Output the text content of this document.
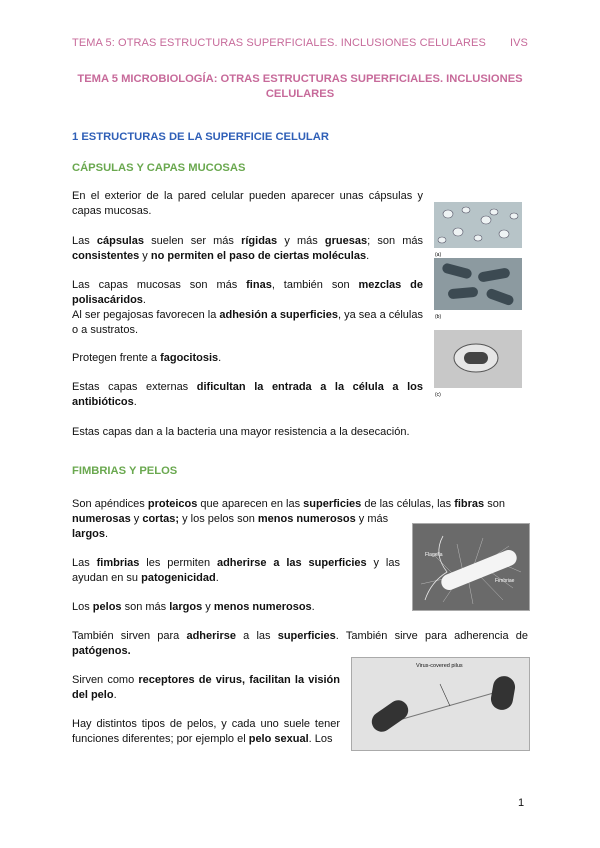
TEMA 5: OTRAS ESTRUCTURAS SUPERFICIALES. INCLUSIONES CELULARES IVS
TEMA 5 MICROBIOLOGÍA: OTRAS ESTRUCTURAS SUPERFICIALES. INCLUSIONES
CELULARES
1 ESTRUCTURAS DE LA SUPERFICIE CELULAR
CÁPSULAS Y CAPAS MUCOSAS
En el exterior de la pared celular pueden aparecer unas cápsulas y capas mucosas.
Las cápsulas suelen ser más rígidas y más gruesas; son más consistentes y no permiten el paso de ciertas moléculas.
Las capas mucosas son más finas, también son mezclas de polisacáridos.
Al ser pegajosas favorecen la adhesión a superficies, ya sea a células o a sustratos.
Protegen frente a fagocitosis.
Estas capas externas dificultan la entrada a la célula a los antibióticos.
Estas capas dan a la bacteria una mayor resistencia a la desecación.
(a)
(b)
(c)
FIMBRIAS Y PELOS
Son apéndices proteicos que aparecen en las superficies de las células, las fibras son
numerosas y cortas; y los pelos son menos numerosos y más largos.
Las fimbrias les permiten adherirse a las superficies y las ayudan en su patogenicidad.
Los pelos son más largos y menos numerosos.
También sirven para adherirse a las superficies. También sirve para adherencia de patógenos.
Sirven como receptores de virus, facilitan la visión del pelo.
Hay distintos tipos de pelos, y cada uno suele tener funciones diferentes; por ejemplo el pelo sexual. Los
Flagella
Fimbriae
Virus-covered pilus
1
